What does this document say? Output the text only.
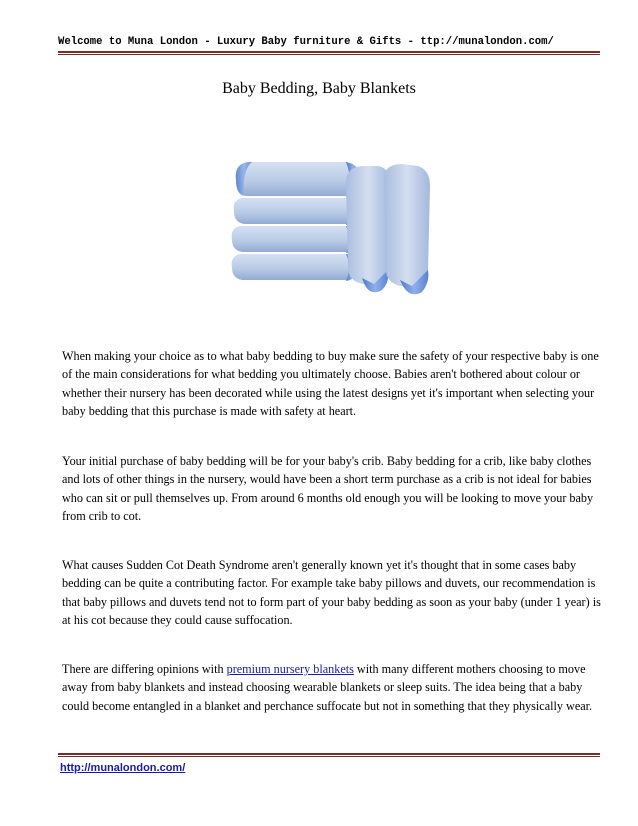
Welcome to Muna London - Luxury Baby furniture & Gifts - ttp://munalondon.com/
Baby Bedding, Baby Blankets
When making your choice as to what baby bedding to buy make sure the safety of your respective baby is one of the main considerations for what bedding you ultimately choose. Babies aren't bothered about colour or whether their nursery has been decorated while using the latest designs yet it's important when selecting your baby bedding that this purchase is made with safety at heart.
Your initial purchase of baby bedding will be for your baby's crib. Baby bedding for a crib, like baby clothes and lots of other things in the nursery, would have been a short term purchase as a crib is not ideal for babies who can sit or pull themselves up. From around 6 months old enough you will be looking to move your baby from crib to cot.
What causes Sudden Cot Death Syndrome aren't generally known yet it's thought that in some cases baby bedding can be quite a contributing factor. For example take baby pillows and duvets, our recommendation is that baby pillows and duvets tend not to form part of your baby bedding as soon as your baby (under 1 year) is at his cot because they could cause suffocation.
There are differing opinions with premium nursery blankets with many different mothers choosing to move away from baby blankets and instead choosing wearable blankets or sleep suits. The idea being that a baby could become entangled in a blanket and perchance suffocate but not in something that they physically wear.
http://munalondon.com/
